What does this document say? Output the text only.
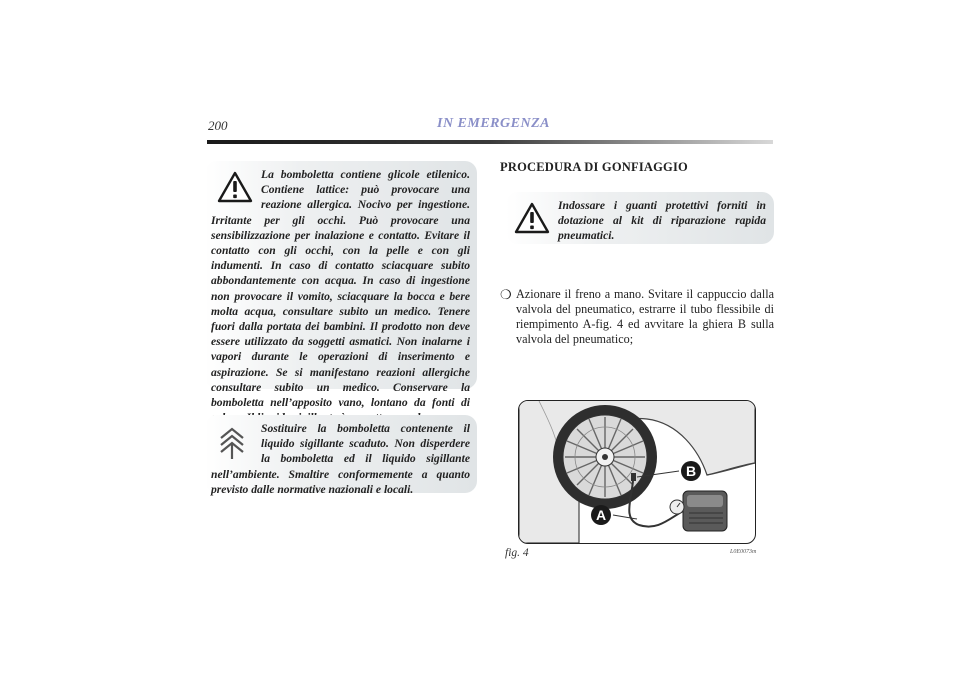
200	IN EMERGENZA

La bomboletta contiene glicole etilenico. Contiene lattice: può provocare una reazione allergica. Nocivo per ingestione. Irritante per gli occhi. Può provocare una sensibilizzazione per inalazione e contatto. Evitare il contatto con gli occhi, con la pelle e con gli indumenti. In caso di contatto sciacquare subito abbondantemente con acqua. In caso di ingestione non provocare il vomito, sciacquare la bocca e bere molta acqua, consultare subito un medico. Tenere fuori dalla portata dei bambini. Il prodotto non deve essere utilizzato da soggetti asmatici. Non inalarne i vapori durante le operazioni di inserimento e aspirazione. Se si manifestano reazioni allergiche consultare subito un medico. Conservare la bomboletta nell’apposito vano, lontano da fonti di

Sostituire la bomboletta contenente il liquido sigillante scaduto. Non disperdere la bomboletta ed il liquido sigillante nell’ambiente. Smaltire conformemente a quanto previsto dalle normative nazionali e locali.

PROCEDURA DI GONFIAGGIO

Indossare i guanti protettivi forniti in dotazione al kit di riparazione rapida pneumatici.

❍ Azionare il freno a mano. Svitare il cappuccio dalla valvola del pneumatico, estrarre il tubo flessibile di riempimento A-fig. 4 ed avvitare la ghiera B sulla valvola del pneumatico;
B
A
fig. 4	L0E0073m
